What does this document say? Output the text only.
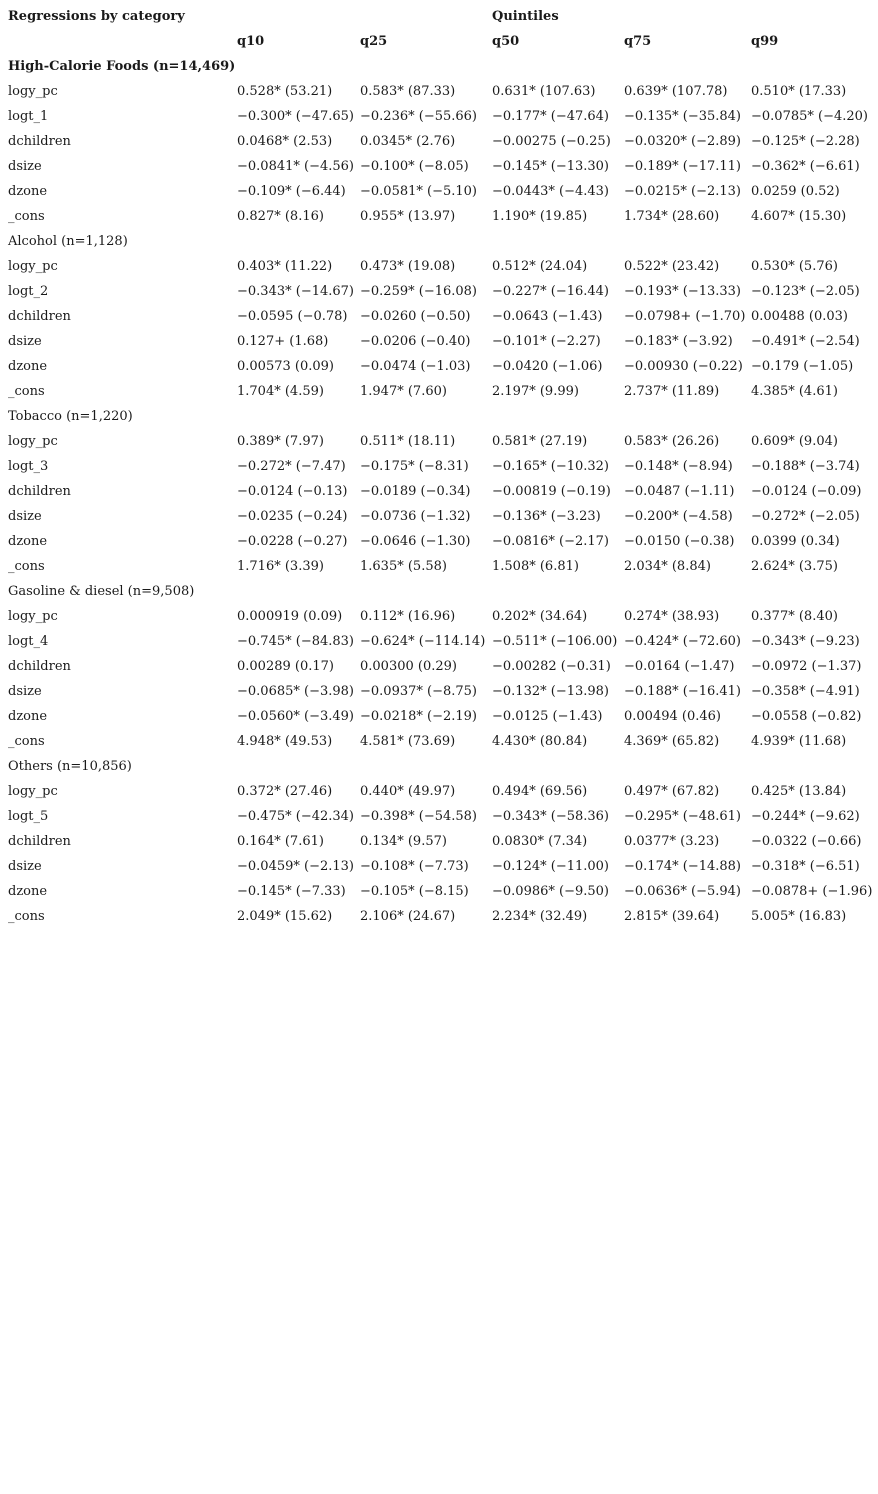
Regressions by category			Quintiles		
	q10	q25	q50	q75	q99
High-Calorie Foods (n=14,469)					
logy_pc	0.528* (53.21)	0.583* (87.33)	0.631* (107.63)	0.639* (107.78)	0.510* (17.33)
logt_1	−0.300* (−47.65)	−0.236* (−55.66)	−0.177* (−47.64)	−0.135* (−35.84)	−0.0785* (−4.20)
dchildren	0.0468* (2.53)	0.0345* (2.76)	−0.00275 (−0.25)	−0.0320* (−2.89)	−0.125* (−2.28)
dsize	−0.0841* (−4.56)	−0.100* (−8.05)	−0.145* (−13.30)	−0.189* (−17.11)	−0.362* (−6.61)
dzone	−0.109* (−6.44)	−0.0581* (−5.10)	−0.0443* (−4.43)	−0.0215* (−2.13)	0.0259 (0.52)
_cons	0.827* (8.16)	0.955* (13.97)	1.190* (19.85)	1.734* (28.60)	4.607* (15.30)
Alcohol (n=1,128)					
logy_pc	0.403* (11.22)	0.473* (19.08)	0.512* (24.04)	0.522* (23.42)	0.530* (5.76)
logt_2	−0.343* (−14.67)	−0.259* (−16.08)	−0.227* (−16.44)	−0.193* (−13.33)	−0.123* (−2.05)
dchildren	−0.0595 (−0.78)	−0.0260 (−0.50)	−0.0643 (−1.43)	−0.0798+ (−1.70)	0.00488 (0.03)
dsize	0.127+ (1.68)	−0.0206 (−0.40)	−0.101* (−2.27)	−0.183* (−3.92)	−0.491* (−2.54)
dzone	0.00573 (0.09)	−0.0474 (−1.03)	−0.0420 (−1.06)	−0.00930 (−0.22)	−0.179 (−1.05)
_cons	1.704* (4.59)	1.947* (7.60)	2.197* (9.99)	2.737* (11.89)	4.385* (4.61)
Tobacco (n=1,220)					
logy_pc	0.389* (7.97)	0.511* (18.11)	0.581* (27.19)	0.583* (26.26)	0.609* (9.04)
logt_3	−0.272* (−7.47)	−0.175* (−8.31)	−0.165* (−10.32)	−0.148* (−8.94)	−0.188* (−3.74)
dchildren	−0.0124 (−0.13)	−0.0189 (−0.34)	−0.00819 (−0.19)	−0.0487 (−1.11)	−0.0124 (−0.09)
dsize	−0.0235 (−0.24)	−0.0736 (−1.32)	−0.136* (−3.23)	−0.200* (−4.58)	−0.272* (−2.05)
dzone	−0.0228 (−0.27)	−0.0646 (−1.30)	−0.0816* (−2.17)	−0.0150 (−0.38)	0.0399 (0.34)
_cons	1.716* (3.39)	1.635* (5.58)	1.508* (6.81)	2.034* (8.84)	2.624* (3.75)
Gasoline & diesel (n=9,508)					
logy_pc	0.000919 (0.09)	0.112* (16.96)	0.202* (34.64)	0.274* (38.93)	0.377* (8.40)
logt_4	−0.745* (−84.83)	−0.624* (−114.14)	−0.511* (−106.00)	−0.424* (−72.60)	−0.343* (−9.23)
dchildren	0.00289 (0.17)	0.00300 (0.29)	−0.00282 (−0.31)	−0.0164 (−1.47)	−0.0972 (−1.37)
dsize	−0.0685* (−3.98)	−0.0937* (−8.75)	−0.132* (−13.98)	−0.188* (−16.41)	−0.358* (−4.91)
dzone	−0.0560* (−3.49)	−0.0218* (−2.19)	−0.0125 (−1.43)	0.00494 (0.46)	−0.0558 (−0.82)
_cons	4.948* (49.53)	4.581* (73.69)	4.430* (80.84)	4.369* (65.82)	4.939* (11.68)
Others (n=10,856)					
logy_pc	0.372* (27.46)	0.440* (49.97)	0.494* (69.56)	0.497* (67.82)	0.425* (13.84)
logt_5	−0.475* (−42.34)	−0.398* (−54.58)	−0.343* (−58.36)	−0.295* (−48.61)	−0.244* (−9.62)
dchildren	0.164* (7.61)	0.134* (9.57)	0.0830* (7.34)	0.0377* (3.23)	−0.0322 (−0.66)
dsize	−0.0459* (−2.13)	−0.108* (−7.73)	−0.124* (−11.00)	−0.174* (−14.88)	−0.318* (−6.51)
dzone	−0.145* (−7.33)	−0.105* (−8.15)	−0.0986* (−9.50)	−0.0636* (−5.94)	−0.0878+ (−1.96)
_cons	2.049* (15.62)	2.106* (24.67)	2.234* (32.49)	2.815* (39.64)	5.005* (16.83)
